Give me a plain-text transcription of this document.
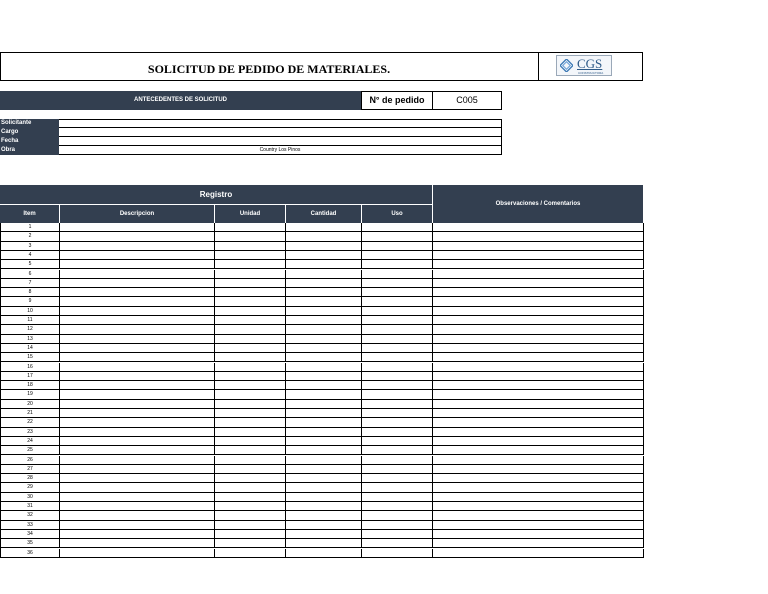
SOLICITUD DE PEDIDO DE MATERIALES.	CGS
CONSTRUCTORA
ANTECEDENTES DE SOLICITUD	N° de pedido	C005
Solicitante
Cargo
Fecha
Obra	Country Los Pinos
Registro
Observaciones / Comentarios
Item	Descripcion	Unidad	Cantidad	Uso
1
2
3
4
5
6
7
8
9
10
11
12
13
14
15
16
17
18
19
20
21
22
23
24
25
26
27
28
29
30
31
32
33
34
35
36
